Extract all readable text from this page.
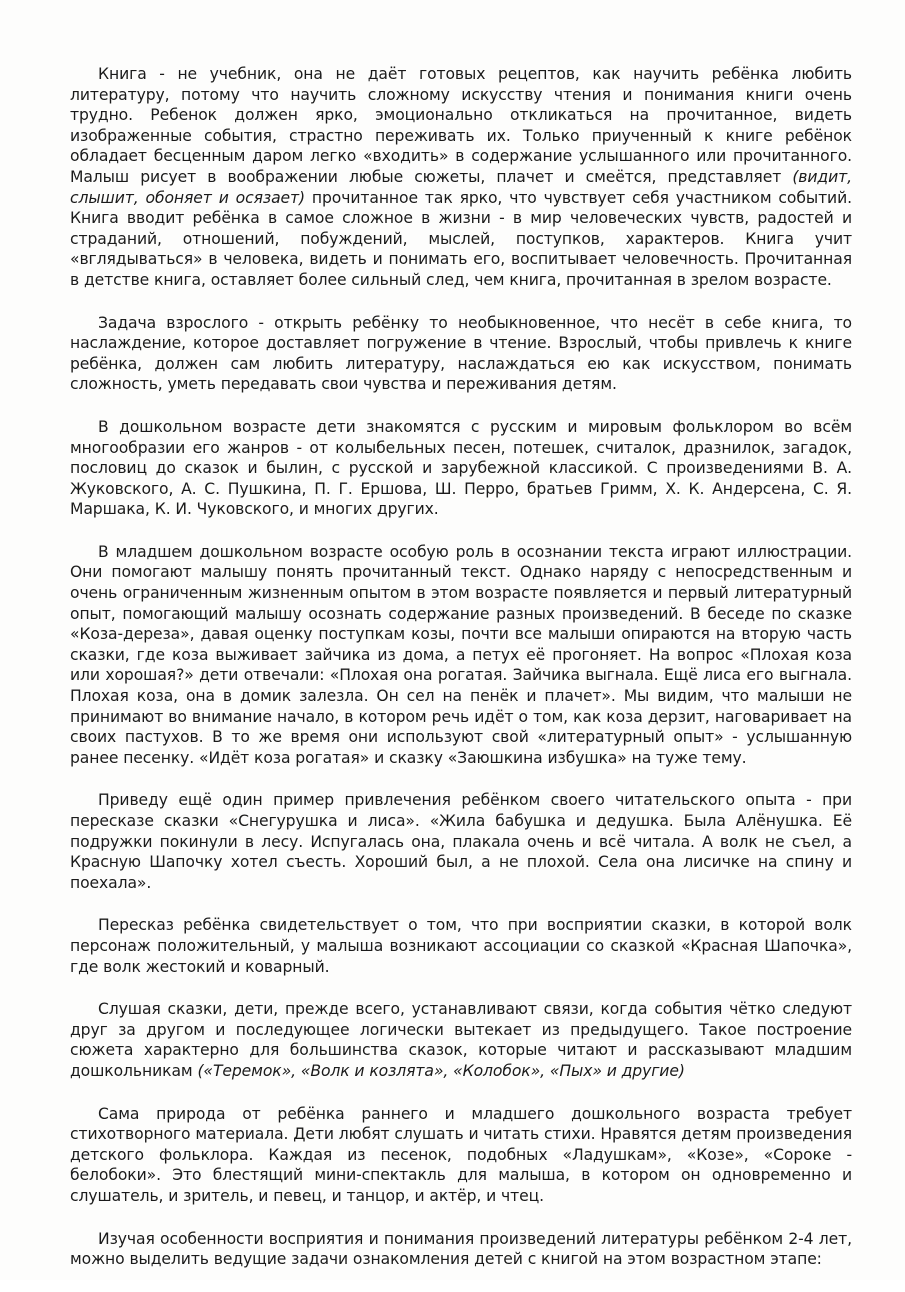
Книга - не учебник, она не даёт готовых рецептов, как научить ребёнка любить литературу, потому что научить сложному искусству чтения и понимания книги очень трудно. Ребенок должен ярко, эмоционально откликаться на прочитанное, видеть изображенные события, страстно переживать их. Только приученный к книге ребёнок обладает бесценным даром легко «входить» в содержание услышанного или прочитанного. Малыш рисует в воображении любые сюжеты, плачет и смеётся, представляет (видит, слышит, обоняет и осязает) прочитанное так ярко, что чувствует себя участником событий. Книга вводит ребёнка в самое сложное в жизни - в мир человеческих чувств, радостей и страданий, отношений, побуждений, мыслей, поступков, характеров. Книга учит «вглядываться» в человека, видеть и понимать его, воспитывает человечность. Прочитанная в детстве книга, оставляет более сильный след, чем книга, прочитанная в зрелом возрасте.

Задача взрослого - открыть ребёнку то необыкновенное, что несёт в себе книга, то наслаждение, которое доставляет погружение в чтение. Взрослый, чтобы привлечь к книге ребёнка, должен сам любить литературу, наслаждаться ею как искусством, понимать сложность, уметь передавать свои чувства и переживания детям.

В дошкольном возрасте дети знакомятся с русским и мировым фольклором во всём многообразии его жанров - от колыбельных песен, потешек, считалок, дразнилок, загадок, пословиц до сказок и былин, с русской и зарубежной классикой. С произведениями В. А. Жуковского, А. С. Пушкина, П. Г. Ершова, Ш. Перро, братьев Гримм, Х. К. Андерсена, С. Я. Маршака, К. И. Чуковского, и многих других.

В младшем дошкольном возрасте особую роль в осознании текста играют иллюстрации. Они помогают малышу понять прочитанный текст. Однако наряду с непосредственным и очень ограниченным жизненным опытом в этом возрасте появляется и первый литературный опыт, помогающий малышу осознать содержание разных произведений. В беседе по сказке «Коза-дереза», давая оценку поступкам козы, почти все малыши опираются на вторую часть сказки, где коза выживает зайчика из дома, а петух её прогоняет. На вопрос «Плохая коза или хорошая?» дети отвечали: «Плохая она рогатая. Зайчика выгнала. Ещё лиса его выгнала. Плохая коза, она в домик залезла. Он сел на пенёк и плачет». Мы видим, что малыши не принимают во внимание начало, в котором речь идёт о том, как коза дерзит, наговаривает на своих пастухов. В то же время они используют свой «литературный опыт» - услышанную ранее песенку. «Идёт коза рогатая» и сказку «Заюшкина избушка» на туже тему.

Приведу ещё один пример привлечения ребёнком своего читательского опыта - при пересказе сказки «Снегурушка и лиса». «Жила бабушка и дедушка. Была Алёнушка. Её подружки покинули в лесу. Испугалась она, плакала очень и всё читала. А волк не съел, а Красную Шапочку хотел съесть. Хороший был, а не плохой. Села она лисичке на спину и поехала».

Пересказ ребёнка свидетельствует о том, что при восприятии сказки, в которой волк персонаж положительный, у малыша возникают ассоциации со сказкой «Красная Шапочка», где волк жестокий и коварный.

Слушая сказки, дети, прежде всего, устанавливают связи, когда события чётко следуют друг за другом и последующее логически вытекает из предыдущего. Такое построение сюжета характерно для большинства сказок, которые читают и рассказывают младшим дошкольникам («Теремок», «Волк и козлята», «Колобок», «Пых» и другие)

Сама природа от ребёнка раннего и младшего дошкольного возраста требует стихотворного материала. Дети любят слушать и читать стихи. Нравятся детям произведения детского фольклора. Каждая из песенок, подобных «Ладушкам», «Козе», «Сороке - белобоки». Это блестящий мини-спектакль для малыша, в котором он одновременно и слушатель, и зритель, и певец, и танцор, и актёр, и чтец.

Изучая особенности восприятия и понимания произведений литературы ребёнком 2-4 лет, можно выделить ведущие задачи ознакомления детей с книгой на этом возрастном этапе:
